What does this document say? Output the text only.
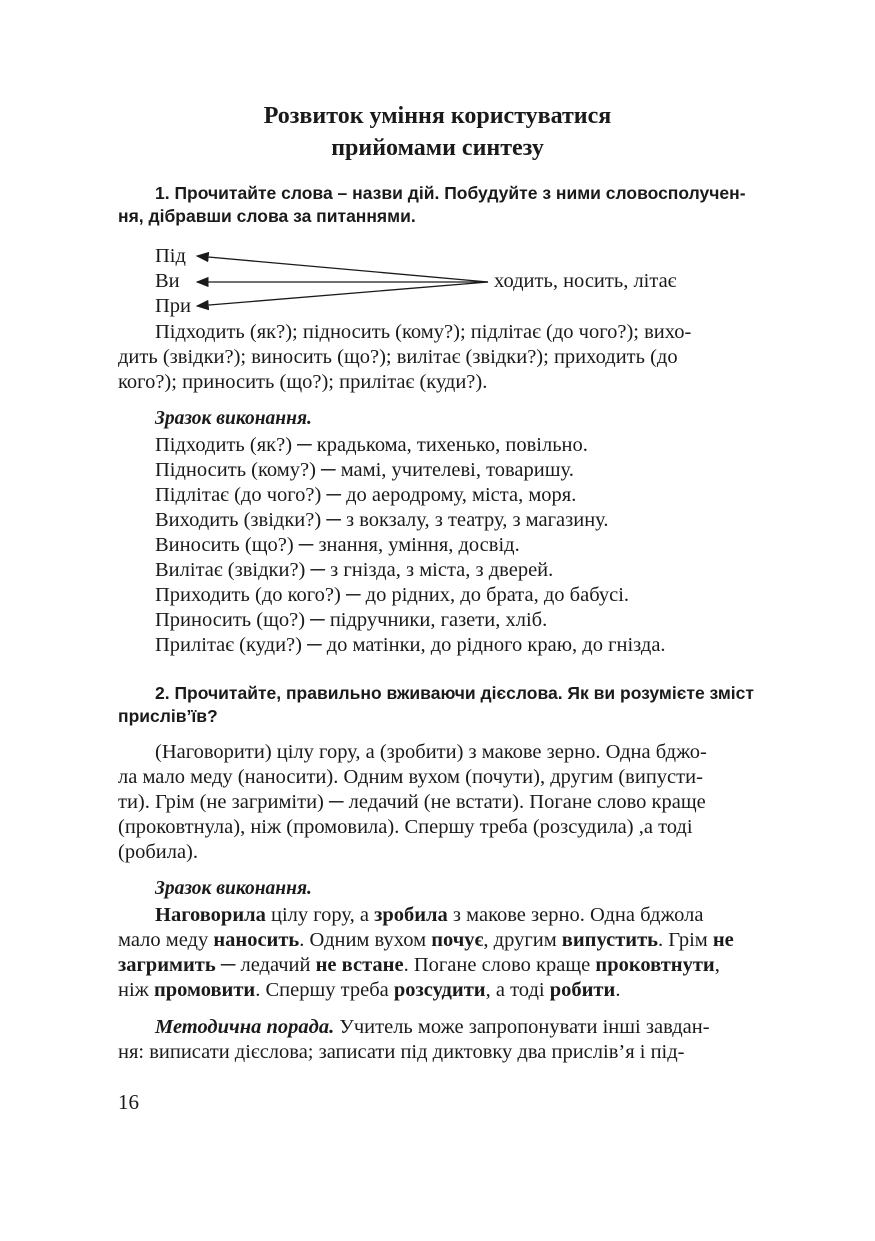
Розвиток уміння користуватися
прийомами синтезу
1. Прочитайте слова – назви дій. Побудуйте з ними словосполучен-
ня, дібравши слова за питаннями.
Під
Ви
При
ходить, носить, літає
Підходить (як?); підносить (кому?); підлітає (до чого?); вихо-
дить (звідки?); виносить (що?); вилітає (звідки?); приходить (до
кого?); приносить (що?); прилітає (куди?).
Зразок виконання.
Підходить (як?) ─ крадькома, тихенько, повільно.
Підносить (кому?) ─ мамі, учителеві, товаришу.
Підлітає (до чого?) ─ до аеродрому, міста, моря.
Виходить (звідки?) ─ з вокзалу, з театру, з магазину.
Виносить (що?) ─ знання, уміння, досвід.
Вилітає (звідки?) ─ з гнізда, з міста, з дверей.
Приходить (до кого?) ─ до рідних, до брата, до бабусі.
Приносить (що?) ─ підручники, газети, хліб.
Прилітає (куди?) ─ до матінки, до рідного краю, до гнізда.
2. Прочитайте, правильно вживаючи дієслова. Як ви розумієте зміст
прислів’їв?
(Наговорити) цілу гору, а (зробити) з макове зерно. Одна бджо-
ла мало меду (наносити). Одним вухом (почути), другим (випусти-
ти). Грім (не загриміти) ─ ледачий (не встати). Погане слово краще
(проковтнула), ніж (промовила). Спершу треба (розсудила) ,а тоді
(робила).
Зразок виконання.
Наговорила цілу гору, а зробила з макове зерно. Одна бджола
мало меду наносить. Одним вухом почує, другим випустить. Грім не
загримить ─ ледачий не встане. Погане слово краще проковтнути,
ніж промовити. Спершу треба розсудити, а тоді робити.
Методична порада. Учитель може запропонувати інші завдан-
ня: виписати дієслова; записати під диктовку два прислів’я і під-
16
